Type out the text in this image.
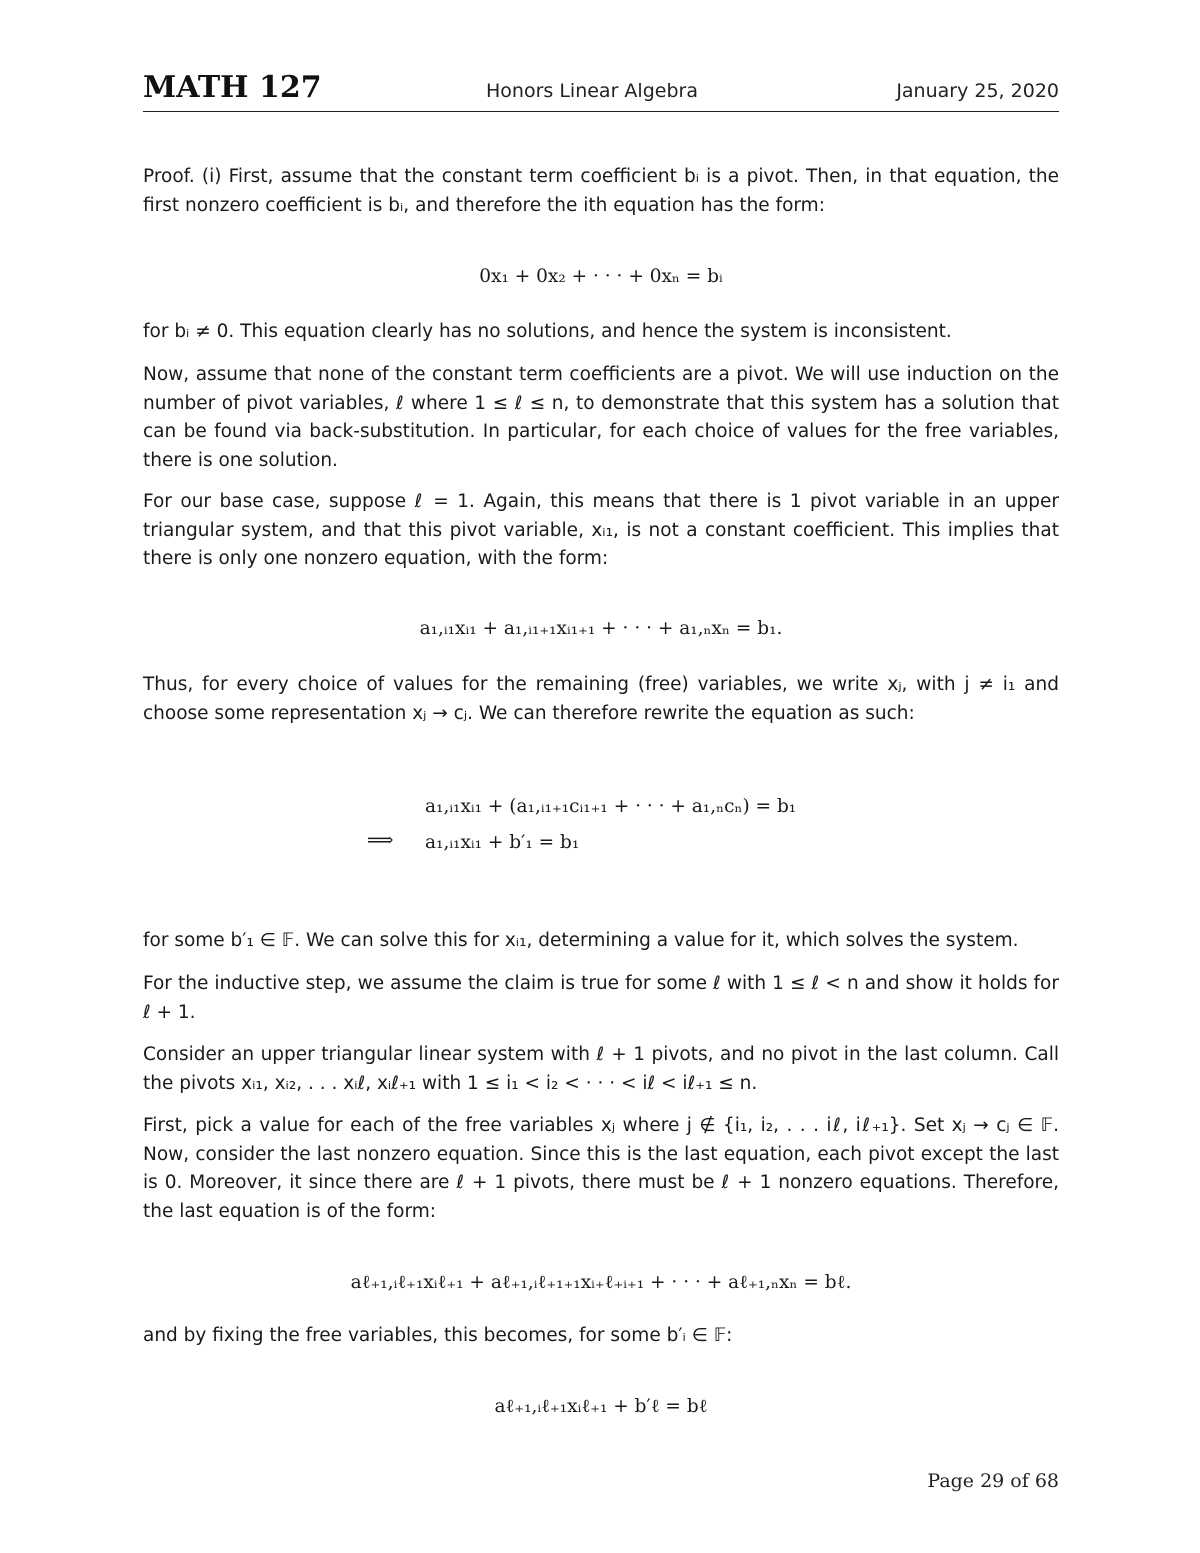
MATH 127	Honors Linear Algebra	January 25, 2020
Proof. (i) First, assume that the constant term coefficient bᵢ is a pivot. Then, in that equation, the first nonzero coefficient is bᵢ, and therefore the ith equation has the form:
0x₁ + 0x₂ + · · · + 0xₙ = bᵢ
for bᵢ ≠ 0. This equation clearly has no solutions, and hence the system is inconsistent.
Now, assume that none of the constant term coefficients are a pivot. We will use induction on the number of pivot variables, ℓ where 1 ≤ ℓ ≤ n, to demonstrate that this system has a solution that can be found via back-substitution. In particular, for each choice of values for the free variables, there is one solution.
For our base case, suppose ℓ = 1. Again, this means that there is 1 pivot variable in an upper triangular system, and that this pivot variable, xᵢ₁, is not a constant coefficient. This implies that there is only one nonzero equation, with the form:
a₁,ᵢ₁xᵢ₁ + a₁,ᵢ₁₊₁xᵢ₁₊₁ + · · · + a₁,ₙxₙ = b₁.
Thus, for every choice of values for the remaining (free) variables, we write xⱼ, with j ≠ i₁ and choose some representation xⱼ → cⱼ. We can therefore rewrite the equation as such:
a₁,ᵢ₁xᵢ₁ + (a₁,ᵢ₁₊₁cᵢ₁₊₁ + · · · + a₁,ₙcₙ) = b₁
⟹ a₁,ᵢ₁xᵢ₁ + b′₁ = b₁
for some b′₁ ∈ 𝔽. We can solve this for xᵢ₁, determining a value for it, which solves the system.
For the inductive step, we assume the claim is true for some ℓ with 1 ≤ ℓ < n and show it holds for ℓ + 1.
Consider an upper triangular linear system with ℓ + 1 pivots, and no pivot in the last column. Call the pivots xᵢ₁, xᵢ₂, . . . xᵢℓ, xᵢℓ₊₁ with 1 ≤ i₁ < i₂ < · · · < iℓ < iℓ₊₁ ≤ n.
First, pick a value for each of the free variables xⱼ where j ∉ {i₁, i₂, . . . iℓ, iℓ₊₁}. Set xⱼ → cⱼ ∈ 𝔽. Now, consider the last nonzero equation. Since this is the last equation, each pivot except the last is 0. Moreover, it since there are ℓ + 1 pivots, there must be ℓ + 1 nonzero equations. Therefore, the last equation is of the form:
aℓ₊₁,ᵢℓ₊₁xᵢℓ₊₁ + aℓ₊₁,ᵢℓ₊₁₊₁xᵢ₊ℓ₊ᵢ₊₁ + · · · + aℓ₊₁,ₙxₙ = bℓ.
and by fixing the free variables, this becomes, for some b′ᵢ ∈ 𝔽:
aℓ₊₁,ᵢℓ₊₁xᵢℓ₊₁ + b′ℓ = bℓ
Page 29 of 68
